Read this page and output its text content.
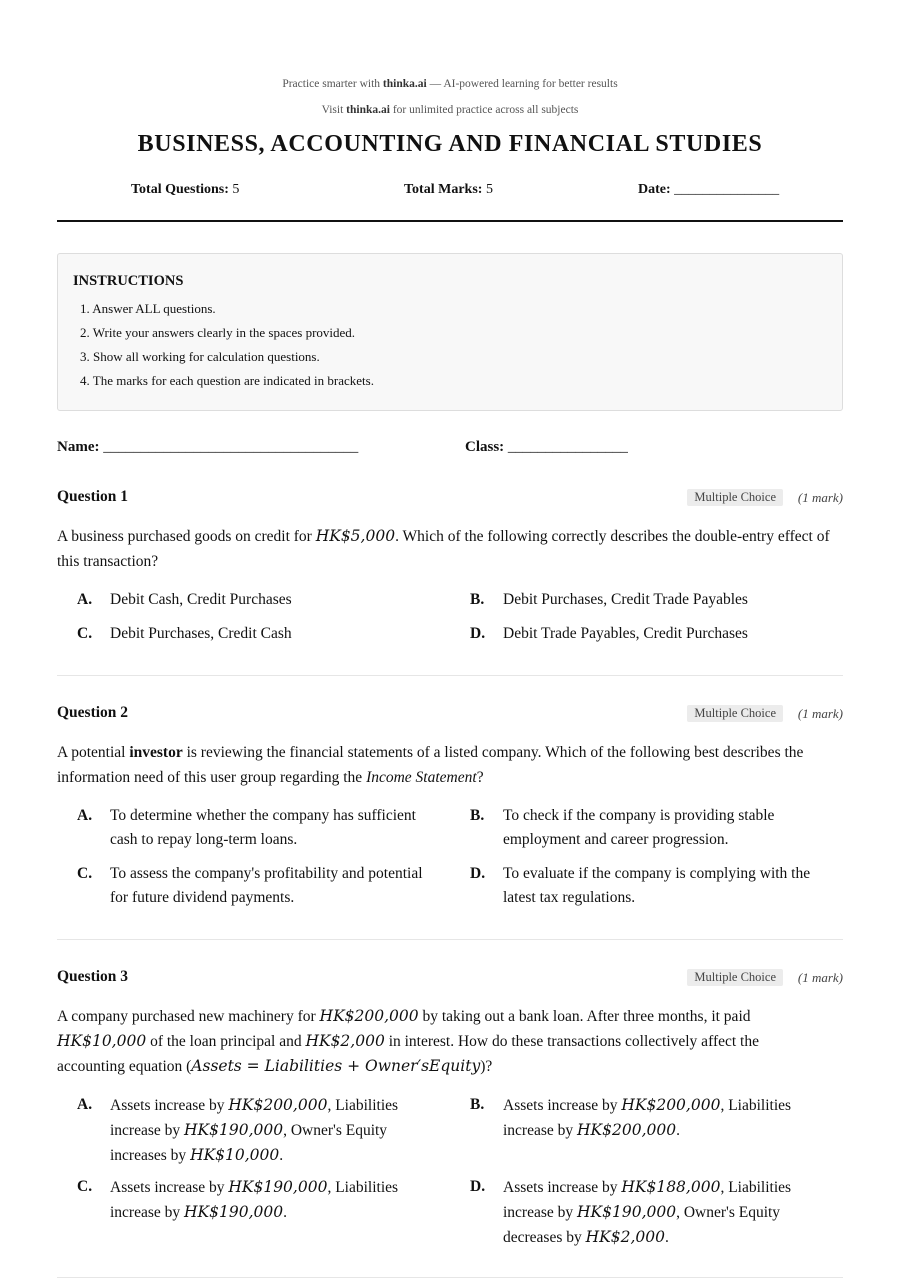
Practice smarter with thinka.ai — AI-powered learning for better results
Visit thinka.ai for unlimited practice across all subjects
BUSINESS, ACCOUNTING AND FINANCIAL STUDIES
Total Questions: 5	Total Marks: 5	Date: _______________
INSTRUCTIONS
1. Answer ALL questions.
2. Write your answers clearly in the spaces provided.
3. Show all working for calculation questions.
4. The marks for each question are indicated in brackets.
Name: __________________________________	Class: ________________
Question 1	Multiple Choice	(1 mark)
A business purchased goods on credit for HK$5,000. Which of the following correctly describes the double-entry effect of this transaction?
A. Debit Cash, Credit Purchases	B. Debit Purchases, Credit Trade Payables
C. Debit Purchases, Credit Cash	D. Debit Trade Payables, Credit Purchases
Question 2	Multiple Choice	(1 mark)
A potential investor is reviewing the financial statements of a listed company. Which of the following best describes the information need of this user group regarding the Income Statement?
A. To determine whether the company has sufficient
cash to repay long-term loans.
B. To check if the company is providing stable
employment and career progression.
C. To assess the company's profitability and potential
for future dividend payments.
D. To evaluate if the company is complying with the
latest tax regulations.
Question 3	Multiple Choice	(1 mark)
A company purchased new machinery for HK$200,000 by taking out a bank loan. After three months, it paid
HK$10,000 of the loan principal and HK$2,000 in interest. How do these transactions collectively affect the
accounting equation (Assets = Liabilities + Owner′sEquity)?
A. Assets increase by HK$200,000, Liabilities
increase by HK$190,000, Owner's Equity
increases by HK$10,000.
B. Assets increase by HK$200,000, Liabilities
increase by HK$200,000.
C. Assets increase by HK$190,000, Liabilities
increase by HK$190,000.
D. Assets increase by HK$188,000, Liabilities
increase by HK$190,000, Owner's Equity
decreases by HK$2,000.
